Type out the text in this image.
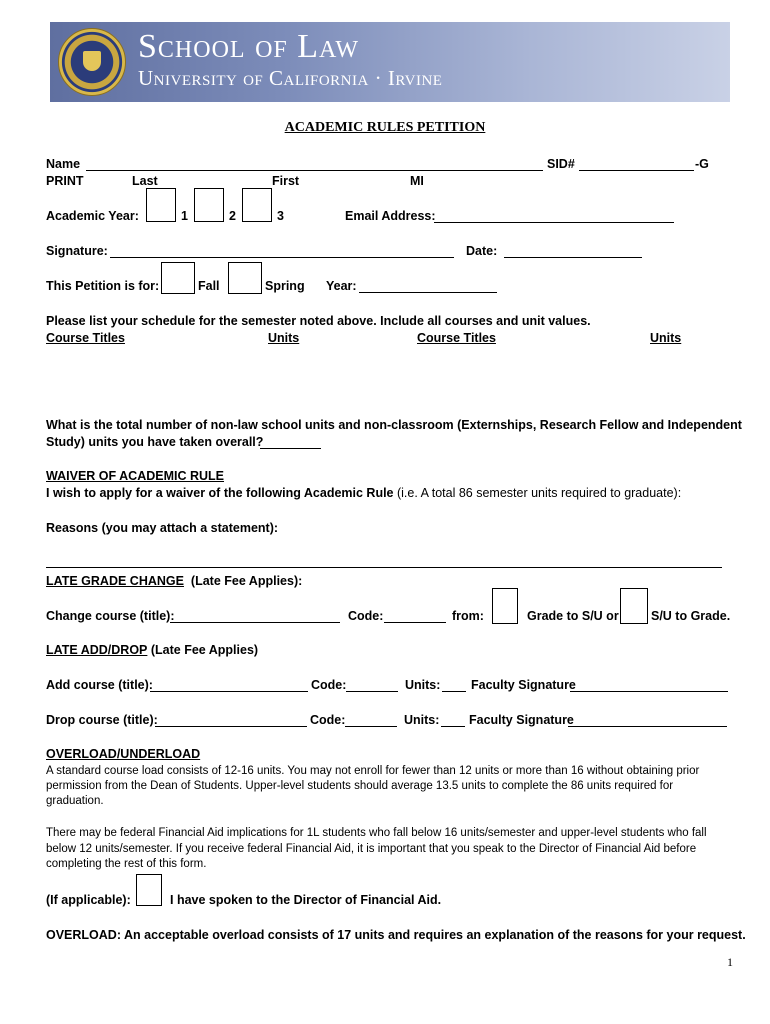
School of Law
University of California · Irvine
ACADEMIC RULES PETITION
Name	SID#	-G
PRINT	Last	First	MI
Academic Year:	1	2	3	Email Address:
Signature:	Date:
This Petition is for:	Fall	Spring Year:
Please list your schedule for the semester noted above. Include all courses and unit values.
Course Titles	Units	Course Titles	Units
What is the total number of non-law school units and non-classroom (Externships, Research Fellow and Independent
Study) units you have taken overall?
WAIVER OF ACADEMIC RULE
I wish to apply for a waiver of the following Academic Rule (i.e. A total 86 semester units required to graduate):
Reasons (you may attach a statement):
LATE GRADE CHANGE (Late Fee Applies):
Change course (title):	Code:	from:	Grade to S/U or	S/U to Grade.
LATE ADD/DROP (Late Fee Applies)
Add course (title):	Code:	Units: Faculty Signature
Drop course (title):	Code:	Units: Faculty Signature
OVERLOAD/UNDERLOAD
A standard course load consists of 12-16 units. You may not enroll for fewer than 12 units or more than 16 without obtaining prior
permission from the Dean of Students. Upper-level students should average 13.5 units to complete the 86 units required for
graduation.
There may be federal Financial Aid implications for 1L students who fall below 16 units/semester and upper-level students who fall
below 12 units/semester. If you receive federal Financial Aid, it is important that you speak to the Director of Financial Aid before
completing the rest of this form.
(If applicable):	I have spoken to the Director of Financial Aid.
OVERLOAD: An acceptable overload consists of 17 units and requires an explanation of the reasons for your request.
1
